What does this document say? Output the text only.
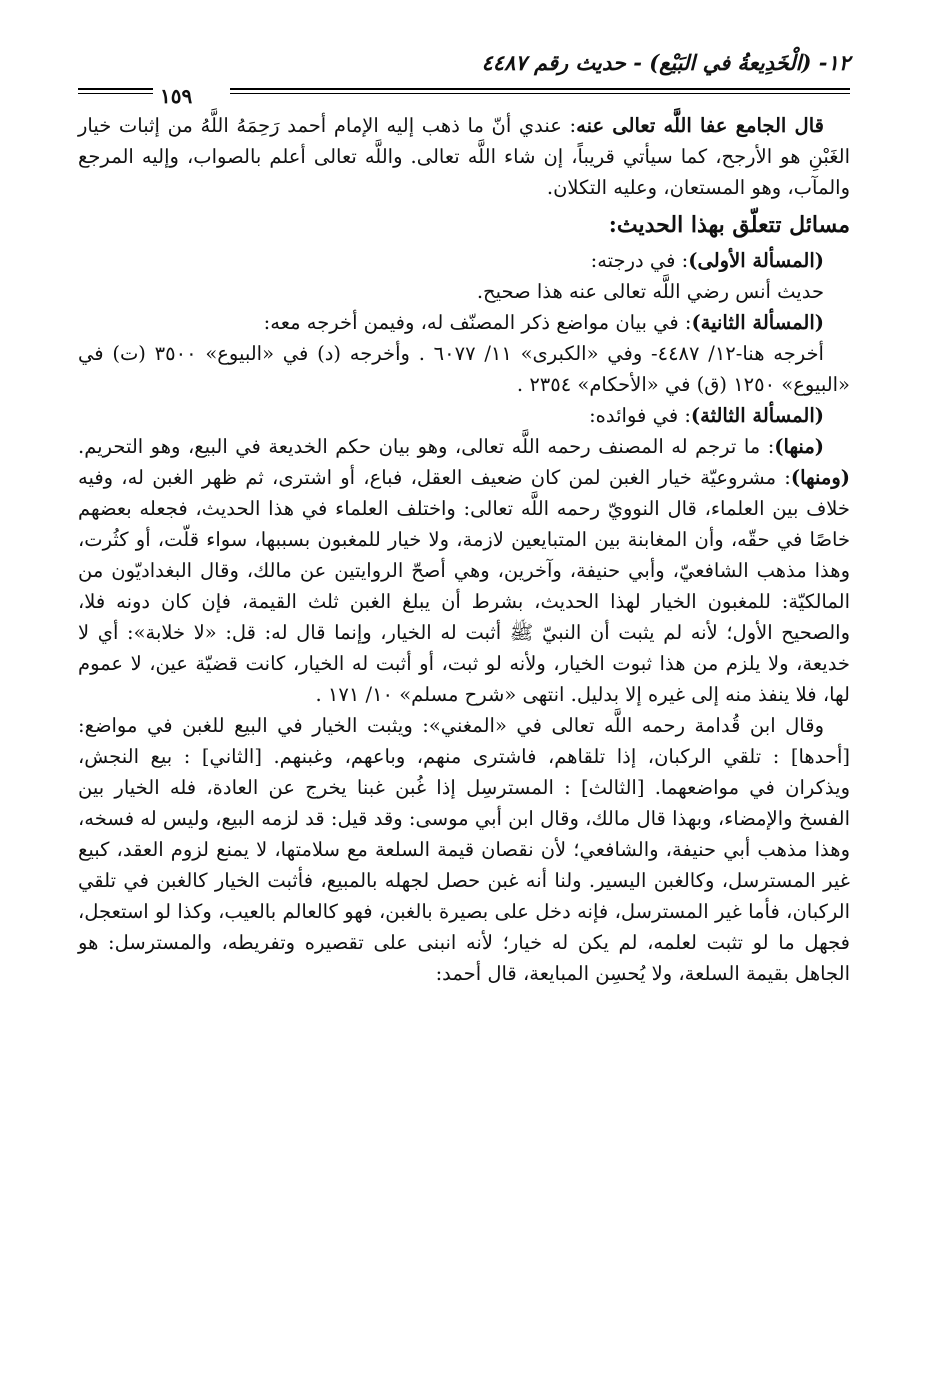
١٢- (الْخَدِيعةُ في البَيْع) - حديث رقم ٤٤٨٧
١٥٩

قال الجامع عفا اللَّه تعالى عنه: عندي أنّ ما ذهب إليه الإمام أحمد رَحِمَهُ اللَّهُ من إثبات خيار الغَبْنِ هو الأرجح، كما سيأتي قريباً، إن شاء اللَّه تعالى. واللَّه تعالى أعلم بالصواب، وإليه المرجع والمآب، وهو المستعان، وعليه التكلان.

مسائل تتعلّق بهذا الحديث:

(المسألة الأولى): في درجته:

حديث أنس رضي اللَّه تعالى عنه هذا صحيح.

(المسألة الثانية): في بيان مواضع ذكر المصنّف له، وفيمن أخرجه معه:

أخرجه هنا-١٢/ ٤٤٨٧- وفي «الكبرى» ١١/ ٦٠٧٧ . وأخرجه (د) في «البيوع» ٣٥٠٠ (ت) في «البيوع» ١٢٥٠ (ق) في «الأحكام» ٢٣٥٤ .

(المسألة الثالثة): في فوائده:

(منها): ما ترجم له المصنف رحمه اللَّه تعالى، وهو بيان حكم الخديعة في البيع، وهو التحريم. (ومنها): مشروعيّة خيار الغبن لمن كان ضعيف العقل، فباع، أو اشترى، ثم ظهر الغبن له، وفيه خلاف بين العلماء، قال النوويّ رحمه اللَّه تعالى: واختلف العلماء في هذا الحديث، فجعله بعضهم خاصًا في حقّه، وأن المغابنة بين المتبايعين لازمة، ولا خيار للمغبون بسببها، سواء قلّت، أو كثُرت، وهذا مذهب الشافعيّ، وأبي حنيفة، وآخرين، وهي أصحّ الروايتين عن مالك، وقال البغداديّون من المالكيّة: للمغبون الخيار لهذا الحديث، بشرط أن يبلغ الغبن ثلث القيمة، فإن كان دونه فلا، والصحيح الأول؛ لأنه لم يثبت أن النبيّ ﷺ أثبت له الخيار، وإنما قال له: قل: «لا خلابة»: أي لا خديعة، ولا يلزم من هذا ثبوت الخيار، ولأنه لو ثبت، أو أثبت له الخيار، كانت قضيّة عين، لا عموم لها، فلا ينفذ منه إلى غيره إلا بدليل. انتهى «شرح مسلم» ١٠/ ١٧١ .

وقال ابن قُدامة رحمه اللَّه تعالى في «المغني»: ويثبت الخيار في البيع للغبن في مواضع: [أحدها] : تلقي الركبان، إذا تلقاهم، فاشترى منهم، وباعهم، وغبنهم. [الثاني] : بيع النجش، ويذكران في مواضعهما. [الثالث] : المسترسِل إذا غُبن غبنا يخرج عن العادة، فله الخيار بين الفسخ والإمضاء، وبهذا قال مالك، وقال ابن أبي موسى: وقد قيل: قد لزمه البيع، وليس له فسخه، وهذا مذهب أبي حنيفة، والشافعي؛ لأن نقصان قيمة السلعة مع سلامتها، لا يمنع لزوم العقد، كبيع غير المسترسل، وكالغبن اليسير. ولنا أنه غبن حصل لجهله بالمبيع، فأثبت الخيار كالغبن في تلقي الركبان، فأما غير المسترسل، فإنه دخل على بصيرة بالغبن، فهو كالعالم بالعيب، وكذا لو استعجل، فجهل ما لو تثبت لعلمه، لم يكن له خيار؛ لأنه انبنى على تقصيره وتفريطه، والمسترسل: هو الجاهل بقيمة السلعة، ولا يُحسِن المبايعة، قال أحمد:
